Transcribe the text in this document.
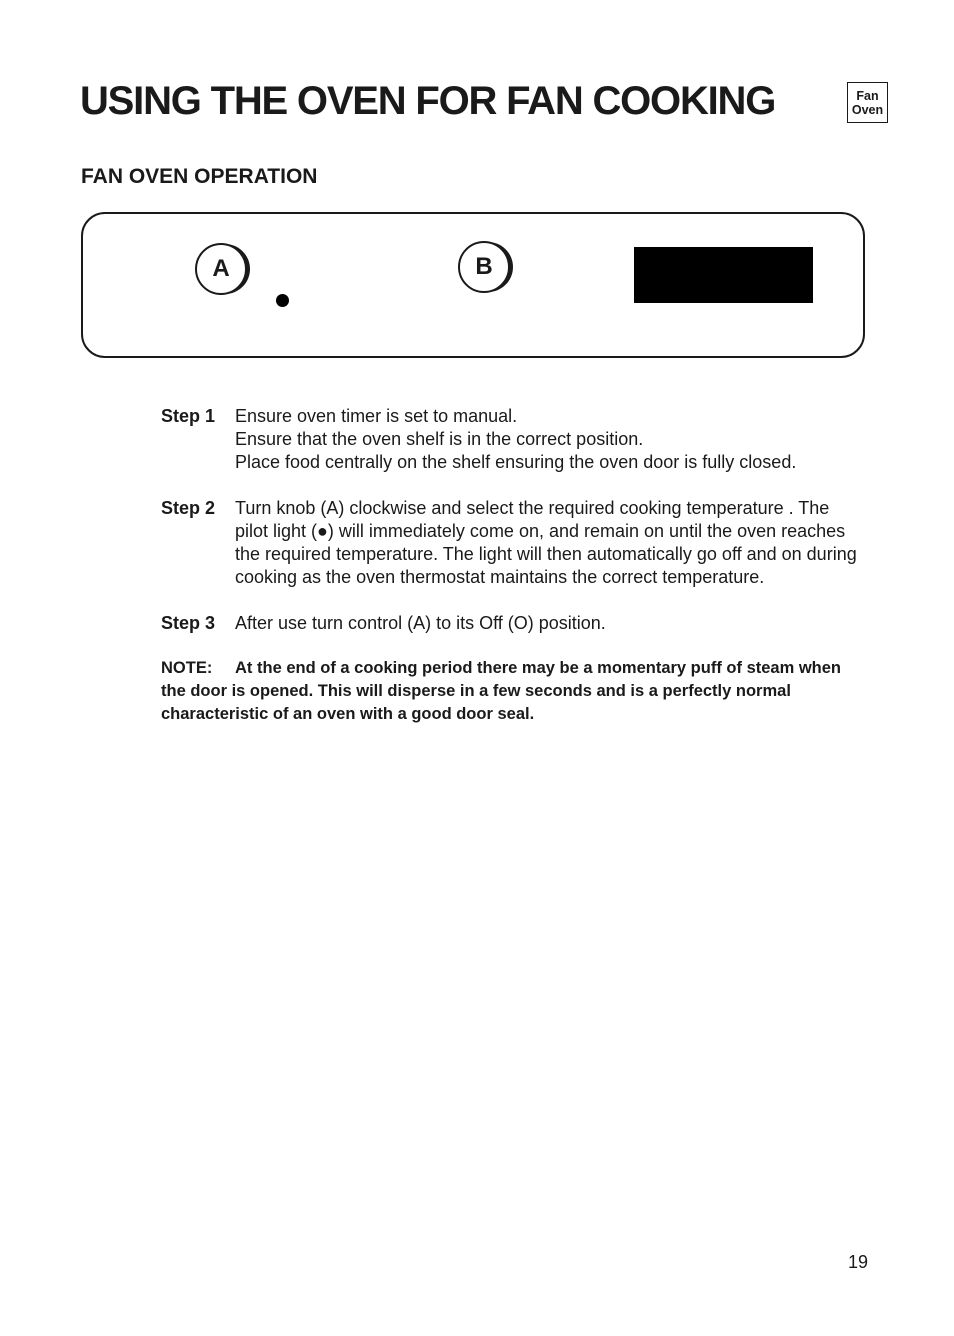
USING THE OVEN FOR FAN COOKING	Fan
Oven
FAN OVEN OPERATION
A	B
Step 1	Ensure oven timer is set to manual.
Ensure that the oven shelf is in the correct position.
Place food centrally on the shelf ensuring the oven door is fully closed.
Step 2	Turn knob (A) clockwise and select the required cooking temperature . The pilot light (●) will immediately come on, and remain on until the oven reaches the required temperature. The light will then automatically go off and on during cooking as the oven thermostat maintains the correct temperature.
Step 3	After use turn control (A) to its Off (O) position.
NOTE: At the end of a cooking period there may be a momentary puff of steam when the door is opened. This will disperse in a few seconds and is a perfectly normal characteristic of an oven with a good door seal.
19
